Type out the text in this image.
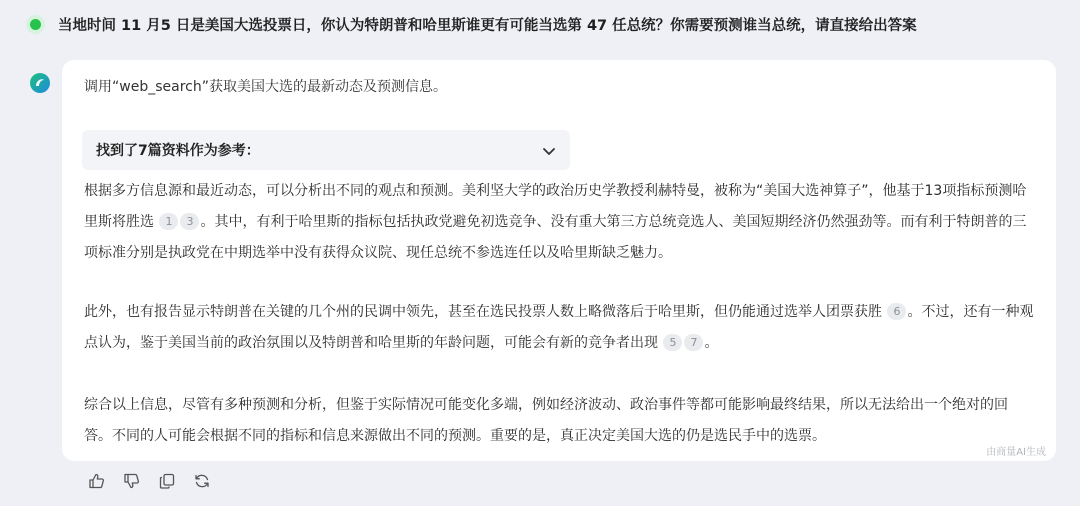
当地时间 11 月5 日是美国大选投票日，你认为特朗普和哈里斯谁更有可能当选第 47 任总统？你需要预测谁当总统，请直接给出答案
调用“web_search”获取美国大选的最新动态及预测信息。
找到了7篇资料作为参考：
根据多方信息源和最近动态，可以分析出不同的观点和预测。美利坚大学的政治历史学教授利赫特曼，被称为“美国大选神算子”，他基于13项指标预测哈里斯将胜选 1 3 。其中，有利于哈里斯的指标包括执政党避免初选竞争、没有重大第三方总统竞选人、美国短期经济仍然强劲等。而有利于特朗普的三项标准分别是执政党在中期选举中没有获得众议院、现任总统不参选连任以及哈里斯缺乏魅力。
此外，也有报告显示特朗普在关键的几个州的民调中领先，甚至在选民投票人数上略微落后于哈里斯，但仍能通过选举人团票获胜 6 。不过，还有一种观点认为，鉴于美国当前的政治氛围以及特朗普和哈里斯的年龄问题，可能会有新的竞争者出现 5 7 。
综合以上信息，尽管有多种预测和分析，但鉴于实际情况可能变化多端，例如经济波动、政治事件等都可能影响最终结果，所以无法给出一个绝对的回答。不同的人可能会根据不同的指标和信息来源做出不同的预测。重要的是，真正决定美国大选的仍是选民手中的选票。
由商量AI生成
